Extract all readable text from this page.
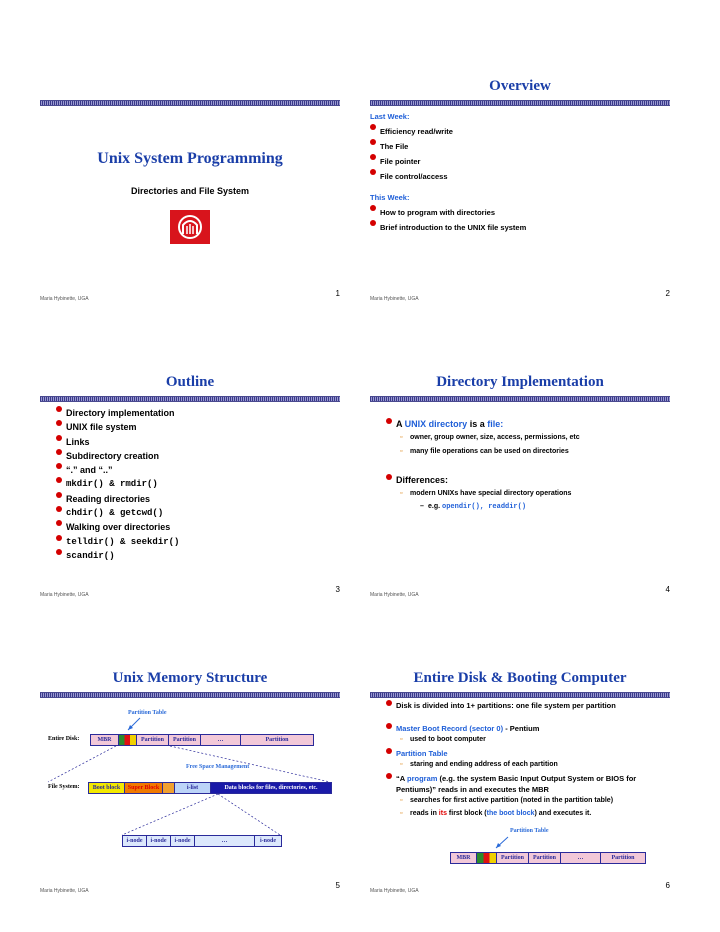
Unix System Programming
Directories and File System
Maria Hybinette, UGA
1
Overview
Last Week:
Efficiency read/write
The File
File pointer
File control/access
This Week:
How to program with directories
Brief introduction to the UNIX file system
Maria Hybinette, UGA
2
Outline
Directory implementation
UNIX file system
Links
Subdirectory creation
“.” and “..”
mkdir() & rmdir()
Reading directories
chdir() & getcwd()
Walking over directories
telldir() & seekdir()
scandir()
Maria Hybinette, UGA
3
Directory Implementation
A UNIX directory is a file:
▫ owner, group owner, size, access, permissions, etc
▫ many file operations can be used on directories
Differences:
▫ modern UNIXs have special directory operations
– e.g. opendir(), readdir()
Maria Hybinette, UGA
4
Unix Memory Structure
Partition Table
Entire Disk:	MBR	Partition	Partition	…	Partition
Free Space Management
File System:	Boot block	Super Block	i-list	Data blocks for files, directories, etc.
i-node	i-node	i-node	…	i-node
Maria Hybinette, UGA
5
Entire Disk & Booting Computer
Disk is divided into 1+ partitions: one file system per partition
Master Boot Record (sector 0) - Pentium
▫ used to boot computer
Partition Table
▫ staring and ending address of each partition
“A program (e.g. the system Basic Input Output System or BIOS for Pentiums)” reads in and executes the MBR
▫ searches for first active partition (noted in the partition table)
▫ reads in its first block (the boot block) and executes it.
Partition Table
MBR	Partition	Partition	…	Partition
Maria Hybinette, UGA
6
